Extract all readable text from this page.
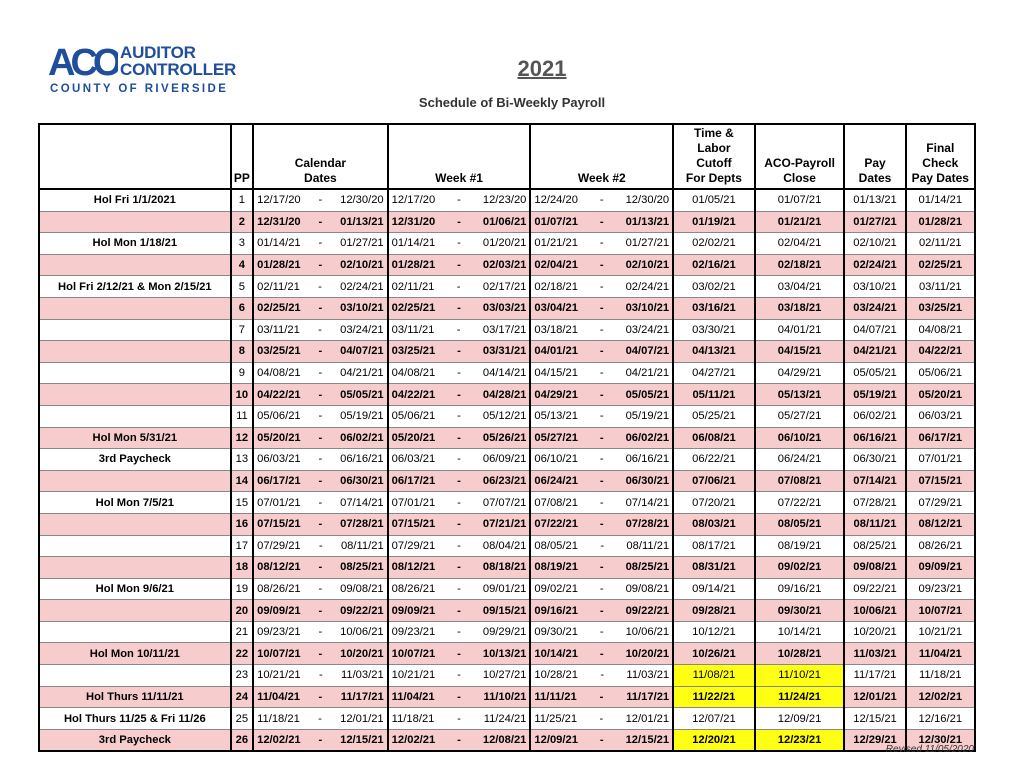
ACO AUDITOR
CONTROLLER
COUNTY OF RIVERSIDE
2021
Schedule of Bi-Weekly Payroll
	PP	Calendar
Dates	Week #1	Week #2	Time & Labor
Cutoff
For Depts	ACO-Payroll
Close	Pay
Dates	Final Check
Pay Dates
Hol Fri 1/1/2021	1	12/17/20 - 12/30/20	12/17/20 - 12/23/20	12/24/20 - 12/30/20	01/05/21	01/07/21	01/13/21	01/14/21
	2	12/31/20 - 01/13/21	12/31/20 - 01/06/21	01/07/21 - 01/13/21	01/19/21	01/21/21	01/27/21	01/28/21
Hol Mon 1/18/21	3	01/14/21 - 01/27/21	01/14/21 - 01/20/21	01/21/21 - 01/27/21	02/02/21	02/04/21	02/10/21	02/11/21
	4	01/28/21 - 02/10/21	01/28/21 - 02/03/21	02/04/21 - 02/10/21	02/16/21	02/18/21	02/24/21	02/25/21
Hol Fri 2/12/21 & Mon 2/15/21	5	02/11/21 - 02/24/21	02/11/21 - 02/17/21	02/18/21 - 02/24/21	03/02/21	03/04/21	03/10/21	03/11/21
	6	02/25/21 - 03/10/21	02/25/21 - 03/03/21	03/04/21 - 03/10/21	03/16/21	03/18/21	03/24/21	03/25/21
	7	03/11/21 - 03/24/21	03/11/21 - 03/17/21	03/18/21 - 03/24/21	03/30/21	04/01/21	04/07/21	04/08/21
	8	03/25/21 - 04/07/21	03/25/21 - 03/31/21	04/01/21 - 04/07/21	04/13/21	04/15/21	04/21/21	04/22/21
	9	04/08/21 - 04/21/21	04/08/21 - 04/14/21	04/15/21 - 04/21/21	04/27/21	04/29/21	05/05/21	05/06/21
	10	04/22/21 - 05/05/21	04/22/21 - 04/28/21	04/29/21 - 05/05/21	05/11/21	05/13/21	05/19/21	05/20/21
	11	05/06/21 - 05/19/21	05/06/21 - 05/12/21	05/13/21 - 05/19/21	05/25/21	05/27/21	06/02/21	06/03/21
Hol Mon 5/31/21	12	05/20/21 - 06/02/21	05/20/21 - 05/26/21	05/27/21 - 06/02/21	06/08/21	06/10/21	06/16/21	06/17/21
3rd Paycheck	13	06/03/21 - 06/16/21	06/03/21 - 06/09/21	06/10/21 - 06/16/21	06/22/21	06/24/21	06/30/21	07/01/21
	14	06/17/21 - 06/30/21	06/17/21 - 06/23/21	06/24/21 - 06/30/21	07/06/21	07/08/21	07/14/21	07/15/21
Hol Mon 7/5/21	15	07/01/21 - 07/14/21	07/01/21 - 07/07/21	07/08/21 - 07/14/21	07/20/21	07/22/21	07/28/21	07/29/21
	16	07/15/21 - 07/28/21	07/15/21 - 07/21/21	07/22/21 - 07/28/21	08/03/21	08/05/21	08/11/21	08/12/21
	17	07/29/21 - 08/11/21	07/29/21 - 08/04/21	08/05/21 - 08/11/21	08/17/21	08/19/21	08/25/21	08/26/21
	18	08/12/21 - 08/25/21	08/12/21 - 08/18/21	08/19/21 - 08/25/21	08/31/21	09/02/21	09/08/21	09/09/21
Hol Mon 9/6/21	19	08/26/21 - 09/08/21	08/26/21 - 09/01/21	09/02/21 - 09/08/21	09/14/21	09/16/21	09/22/21	09/23/21
	20	09/09/21 - 09/22/21	09/09/21 - 09/15/21	09/16/21 - 09/22/21	09/28/21	09/30/21	10/06/21	10/07/21
	21	09/23/21 - 10/06/21	09/23/21 - 09/29/21	09/30/21 - 10/06/21	10/12/21	10/14/21	10/20/21	10/21/21
Hol Mon 10/11/21	22	10/07/21 - 10/20/21	10/07/21 - 10/13/21	10/14/21 - 10/20/21	10/26/21	10/28/21	11/03/21	11/04/21
	23	10/21/21 - 11/03/21	10/21/21 - 10/27/21	10/28/21 - 11/03/21	11/08/21	11/10/21	11/17/21	11/18/21
Hol Thurs 11/11/21	24	11/04/21 - 11/17/21	11/04/21 - 11/10/21	11/11/21 - 11/17/21	11/22/21	11/24/21	12/01/21	12/02/21
Hol Thurs 11/25 & Fri 11/26	25	11/18/21 - 12/01/21	11/18/21 - 11/24/21	11/25/21 - 12/01/21	12/07/21	12/09/21	12/15/21	12/16/21
3rd Paycheck	26	12/02/21 - 12/15/21	12/02/21 - 12/08/21	12/09/21 - 12/15/21	12/20/21	12/23/21	12/29/21	12/30/21
Revised 11/05/2020
